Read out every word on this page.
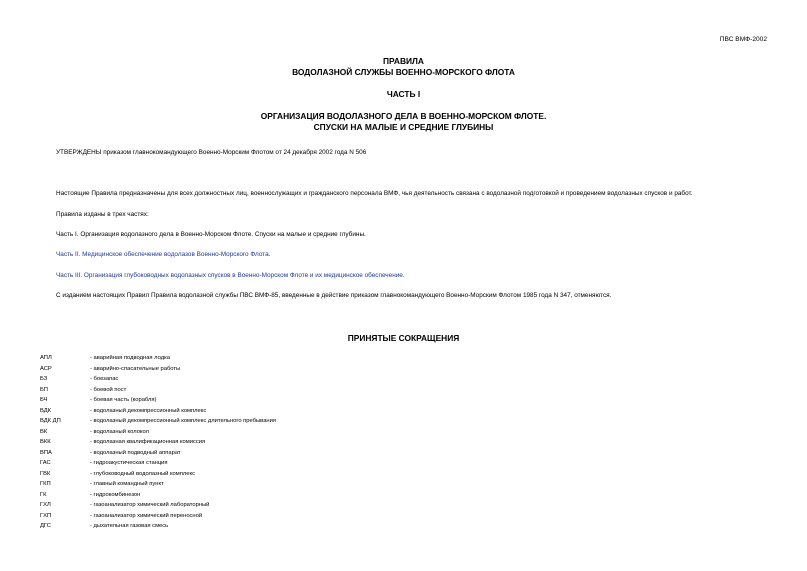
ПВС ВМФ-2002
ПРАВИЛА
ВОДОЛАЗНОЙ СЛУЖБЫ ВОЕННО-МОРСКОГО ФЛОТА
ЧАСТЬ I
ОРГАНИЗАЦИЯ ВОДОЛАЗНОГО ДЕЛА В ВОЕННО-МОРСКОМ ФЛОТЕ.
СПУСКИ НА МАЛЫЕ И СРЕДНИЕ ГЛУБИНЫ
УТВЕРЖДЕНЫ приказом главнокомандующего Военно-Морским Флотом от 24 декабря 2002 года N 506
Настоящие Правила предназначены для всех должностных лиц, военнослужащих и гражданского персонала ВМФ, чья деятельность связана с водолазной подготовкой и проведением водолазных спусков и работ.
Правила изданы в трех частях:
Часть I. Организация водолазного дела в Военно-Морском Флоте. Спуски на малые и средние глубины.
Часть II. Медицинское обеспечение водолазов Военно-Морского Флота.
Часть III. Организация глубоководных водолазных спусков в Военно-Морском Флоте и их медицинское обеспечение.
С изданием настоящих Правил Правила водолазной службы ПВС ВМФ-85, введенные в действие приказом главнокомандующего Военно-Морским Флотом 1985 года N 347, отменяются.
ПРИНЯТЫЕ СОКРАЩЕНИЯ
АПЛ	- аварийная подводная лодка
АСР	- аварийно-спасательные работы
БЗ	- боезапас
БП	- боевой пост
БЧ	- боевая часть (корабля)
ВДК	- водолазный декомпрессионный комплекс
ВДК ДП	- водолазный декомпрессионный комплекс длительного пребывания
ВК	- водолазный колокол
ВКК	- водолазная квалификационная комиссия
ВПА	- водолазный подводный аппарат
ГАС	- гидроакустическая станция
ГВК	- глубоководный водолазный комплекс
ГКП	- главный командный пункт
ГК	- гидрокомбинезон
ГХЛ	- газоанализатор химический лабораторный
ГХП	- газоанализатор химический переносной
ДГС	- дыхательная газовая смесь
